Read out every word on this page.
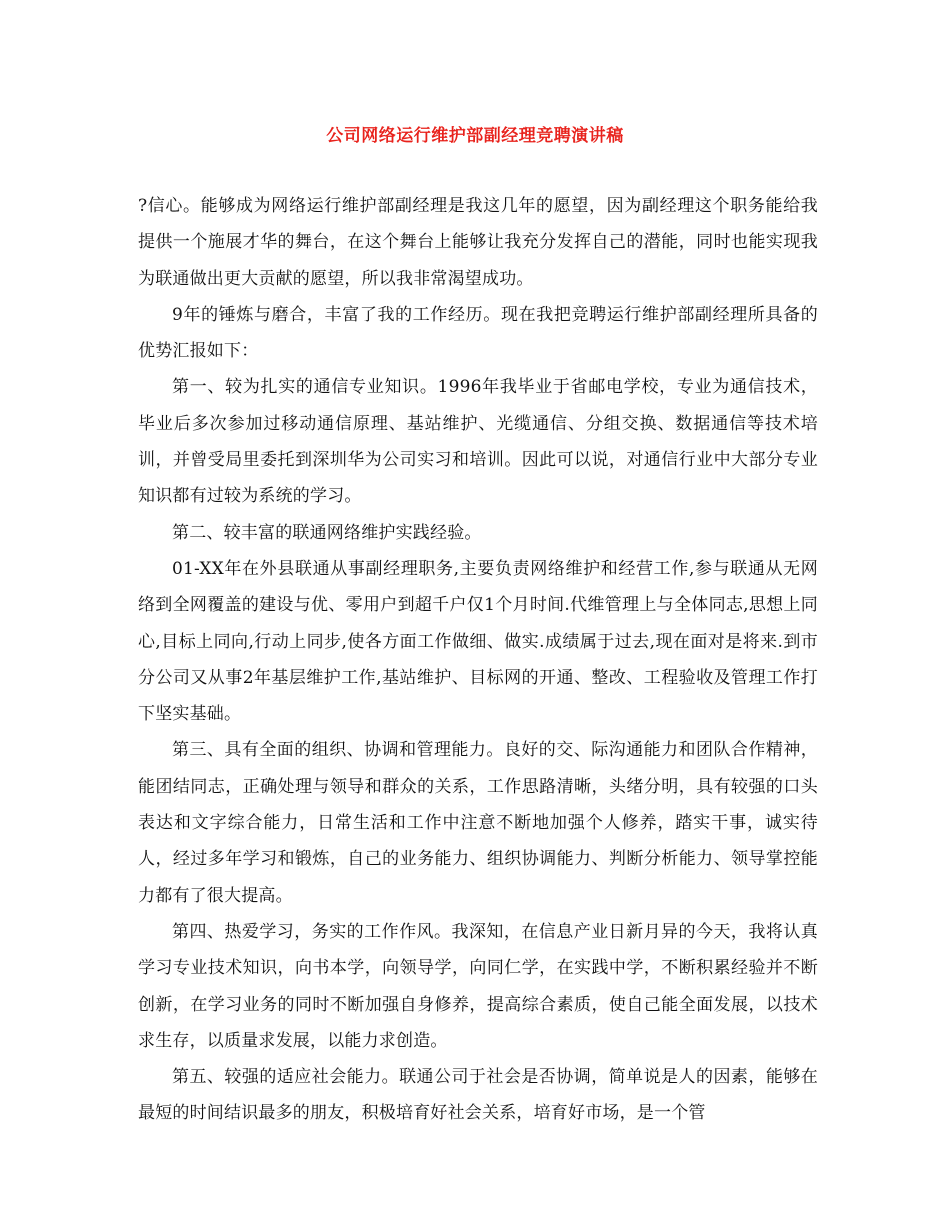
公司网络运行维护部副经理竞聘演讲稿

?信心。能够成为网络运行维护部副经理是我这几年的愿望，因为副经理这个职务能给我提供一个施展才华的舞台，在这个舞台上能够让我充分发挥自己的潜能，同时也能实现我为联通做出更大贡献的愿望，所以我非常渴望成功。

9年的锤炼与磨合，丰富了我的工作经历。现在我把竞聘运行维护部副经理所具备的优势汇报如下：

第一、较为扎实的通信专业知识。1996年我毕业于省邮电学校，专业为通信技术，毕业后多次参加过移动通信原理、基站维护、光缆通信、分组交换、数据通信等技术培训，并曾受局里委托到深圳华为公司实习和培训。因此可以说，对通信行业中大部分专业知识都有过较为系统的学习。

第二、较丰富的联通网络维护实践经验。

01-XX年在外县联通从事副经理职务,主要负责网络维护和经营工作,参与联通从无网络到全网覆盖的建设与优、零用户到超千户仅1个月时间.代维管理上与全体同志,思想上同心,目标上同向,行动上同步,使各方面工作做细、做实.成绩属于过去,现在面对是将来.到市分公司又从事2年基层维护工作,基站维护、目标网的开通、整改、工程验收及管理工作打下坚实基础。

第三、具有全面的组织、协调和管理能力。良好的交、际沟通能力和团队合作精神，能团结同志，正确处理与领导和群众的关系，工作思路清晰，头绪分明，具有较强的口头表达和文字综合能力，日常生活和工作中注意不断地加强个人修养，踏实干事，诚实待人，经过多年学习和锻炼，自己的业务能力、组织协调能力、判断分析能力、领导掌控能力都有了很大提高。

第四、热爱学习，务实的工作作风。我深知，在信息产业日新月异的今天，我将认真学习专业技术知识，向书本学，向领导学，向同仁学，在实践中学，不断积累经验并不断创新，在学习业务的同时不断加强自身修养，提高综合素质，使自己能全面发展，以技术求生存，以质量求发展，以能力求创造。

第五、较强的适应社会能力。联通公司于社会是否协调，简单说是人的因素，能够在最短的时间结识最多的朋友，积极培育好社会关系，培育好市场，是一个管
